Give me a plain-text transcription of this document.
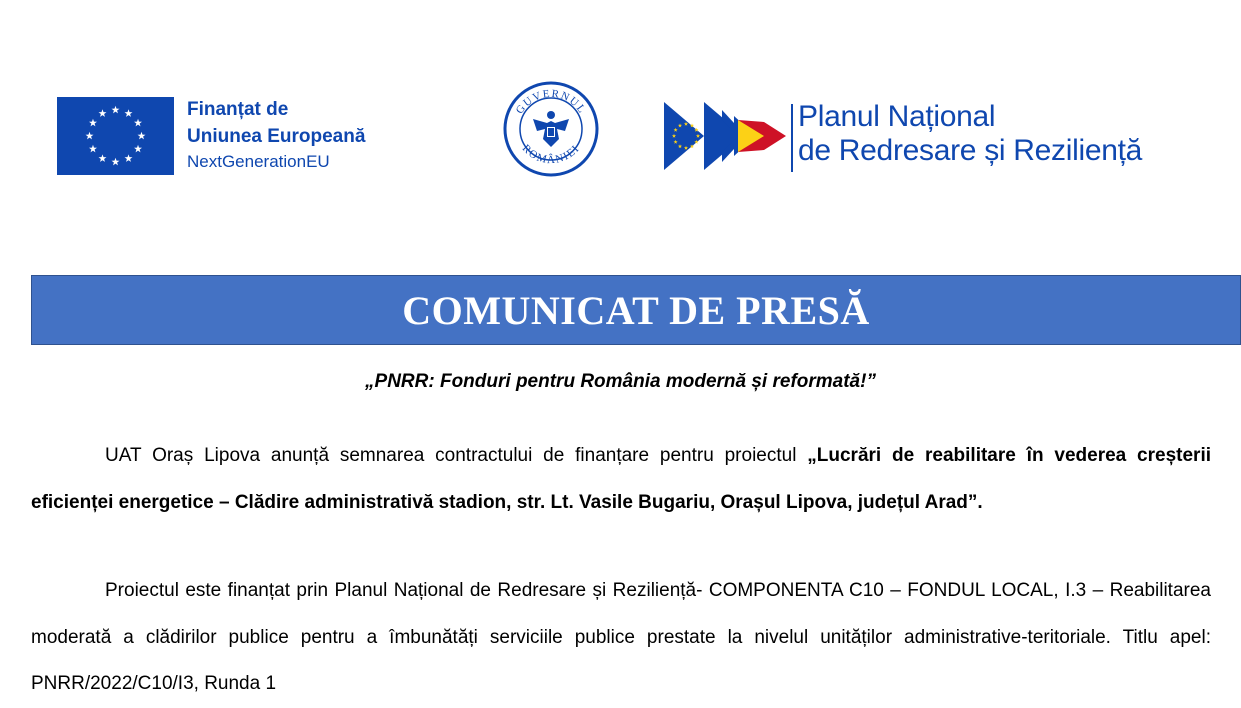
Finanțat de
Uniunea Europeană
NextGenerationEU
GUVERNUL
ROMÂNIEI
Planul Național
de Redresare și Reziliență
COMUNICAT DE PRESĂ
„PNRR: Fonduri pentru România modernă și reformată!”

UAT Oraș Lipova anunță semnarea contractului de finanțare pentru proiectul „Lucrări de reabilitare în vederea creșterii eficienței energetice – Clădire administrativă stadion, str. Lt. Vasile Bugariu, Orașul Lipova, județul Arad”.

Proiectul este finanțat prin Planul Național de Redresare și Reziliență- COMPONENTA C10 – FONDUL LOCAL, I.3 – Reabilitarea moderată a clădirilor publice pentru a îmbunătăți serviciile publice prestate la nivelul unităților administrative-teritoriale. Titlu apel: PNRR/2022/C10/I3, Runda 1
